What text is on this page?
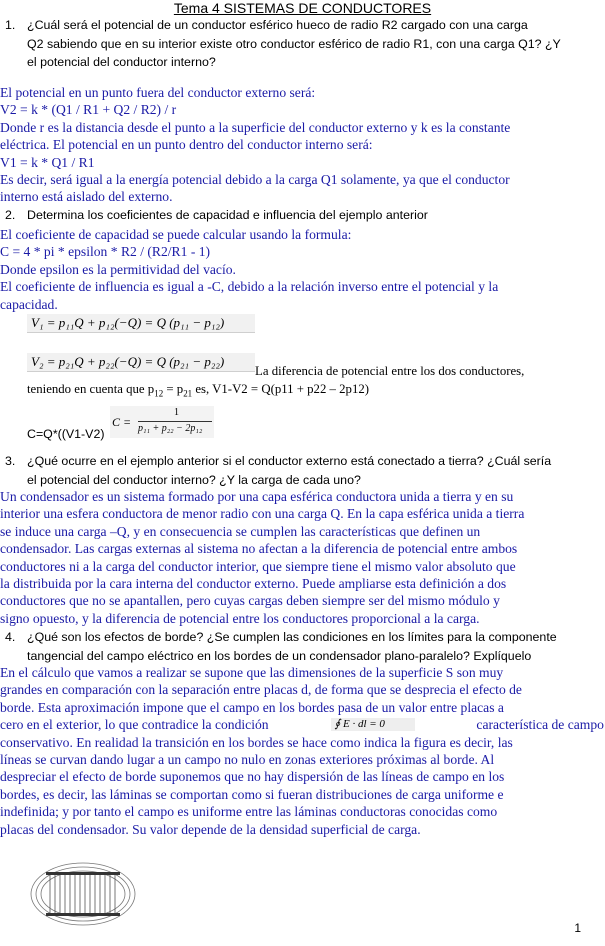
Tema 4 SISTEMAS DE CONDUCTORES
1. ¿Cuál será el potencial de un conductor esférico hueco de radio R2 cargado con una carga
Q2 sabiendo que en su interior existe otro conductor esférico de radio R1, con una carga Q1? ¿Y
el potencial del conductor interno?
El potencial en un punto fuera del conductor externo será:
V2 = k * (Q1 / R1 + Q2 / R2) / r
Donde r es la distancia desde el punto a la superficie del conductor externo y k es la constante
eléctrica. El potencial en un punto dentro del conductor interno será:
V1 = k * Q1 / R1
Es decir, será igual a la energía potencial debido a la carga Q1 solamente, ya que el conductor
interno está aislado del externo.
2. Determina los coeficientes de capacidad e influencia del ejemplo anterior
El coeficiente de capacidad se puede calcular usando la formula:
C = 4 * pi * epsilon * R2 / (R2/R1 - 1)
Donde epsilon es la permitividad del vacío.
El coeficiente de influencia es igual a -C, debido a la relación inverso entre el potencial y la
capacidad.
V₁ = p₁₁Q + p₁₂(−Q) = Q (p₁₁ − p₁₂)
V₂ = p₂₁Q + p₂₂(−Q) = Q (p₂₁ − p₂₂)
La diferencia de potencial entre los dos conductores,
teniendo en cuenta que $p_{12} = p_{21}$ es, V1-V2 = Q(p11 + p22 – 2p12)
C=Q*((V1-V2)
C =
1
p₁₁ + p₂₂ − 2p₁₂
3. ¿Qué ocurre en el ejemplo anterior si el conductor externo está conectado a tierra? ¿Cuál sería
el potencial del conductor interno? ¿Y la carga de cada uno?
Un condensador es un sistema formado por una capa esférica conductora unida a tierra y en su
interior una esfera conductora de menor radio con una carga Q. En la capa esférica unida a tierra
se induce una carga –Q, y en consecuencia se cumplen las características que definen un
condensador. Las cargas externas al sistema no afectan a la diferencia de potencial entre ambos
conductores ni a la carga del conductor interior, que siempre tiene el mismo valor absoluto que
la distribuida por la cara interna del conductor externo. Puede ampliarse esta definición a dos
conductores que no se apantallen, pero cuyas cargas deben siempre ser del mismo módulo y
signo opuesto, y la diferencia de potencial entre los conductores proporcional a la carga.
4. ¿Qué son los efectos de borde? ¿Se cumplen las condiciones en los límites para la componente
tangencial del campo eléctrico en los bordes de un condensador plano-paralelo? Explíquelo
En el cálculo que vamos a realizar se supone que las dimensiones de la superficie S son muy
grandes en comparación con la separación entre placas d, de forma que se desprecia el efecto de
borde. Esta aproximación impone que el campo en los bordes pasa de un valor entre placas a
cero en el exterior, lo que contradice la condición	∮ E · dl = 0	característica de campo
conservativo. En realidad la transición en los bordes se hace como indica la figura es decir, las
líneas se curvan dando lugar a un campo no nulo en zonas exteriores próximas al borde. Al
despreciar el efecto de borde suponemos que no hay dispersión de las líneas de campo en los
bordes, es decir, las láminas se comportan como si fueran distribuciones de carga uniforme e
indefinida; y por tanto el campo es uniforme entre las láminas conductoras conocidas como
placas del condensador. Su valor depende de la densidad superficial de carga.
1
